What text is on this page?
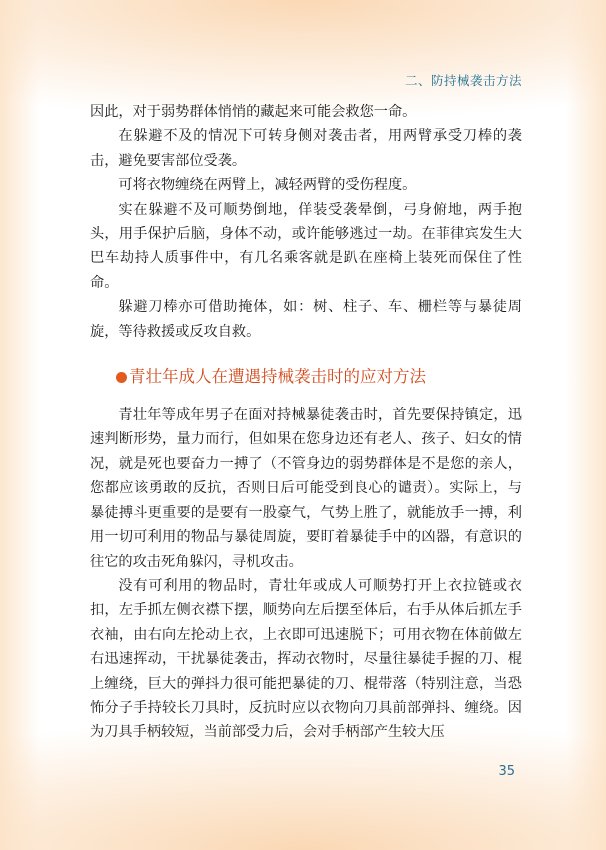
二、防持械袭击方法

因此，对于弱势群体悄悄的藏起来可能会救您一命。

在躲避不及的情况下可转身侧对袭击者，用两臂承受刀棒的袭击，避免要害部位受袭。

可将衣物缠绕在两臂上，减轻两臂的受伤程度。

实在躲避不及可顺势倒地，佯装受袭晕倒，弓身俯地，两手抱头，用手保护后脑，身体不动，或许能够逃过一劫。在菲律宾发生大巴车劫持人质事件中，有几名乘客就是趴在座椅上装死而保住了性命。

躲避刀棒亦可借助掩体，如：树、柱子、车、栅栏等与暴徒周旋，等待救援或反攻自救。

青壮年成人在遭遇持械袭击时的应对方法

青壮年等成年男子在面对持械暴徒袭击时，首先要保持镇定，迅速判断形势，量力而行，但如果在您身边还有老人、孩子、妇女的情况，就是死也要奋力一搏了（不管身边的弱势群体是不是您的亲人，您都应该勇敢的反抗，否则日后可能受到良心的谴责）。实际上，与暴徒搏斗更重要的是要有一股豪气，气势上胜了，就能放手一搏，利用一切可利用的物品与暴徒周旋，要盯着暴徒手中的凶器，有意识的往它的攻击死角躲闪，寻机攻击。

没有可利用的物品时，青壮年或成人可顺势打开上衣拉链或衣扣，左手抓左侧衣襟下摆，顺势向左后摆至体后，右手从体后抓左手衣袖，由右向左抡动上衣，上衣即可迅速脱下；可用衣物在体前做左右迅速挥动，干扰暴徒袭击，挥动衣物时，尽量往暴徒手握的刀、棍上缠绕，巨大的弹抖力很可能把暴徒的刀、棍带落（特别注意，当恐怖分子手持较长刀具时，反抗时应以衣物向刀具前部弹抖、缠绕。因为刀具手柄较短，当前部受力后，会对手柄部产生较大压

35
